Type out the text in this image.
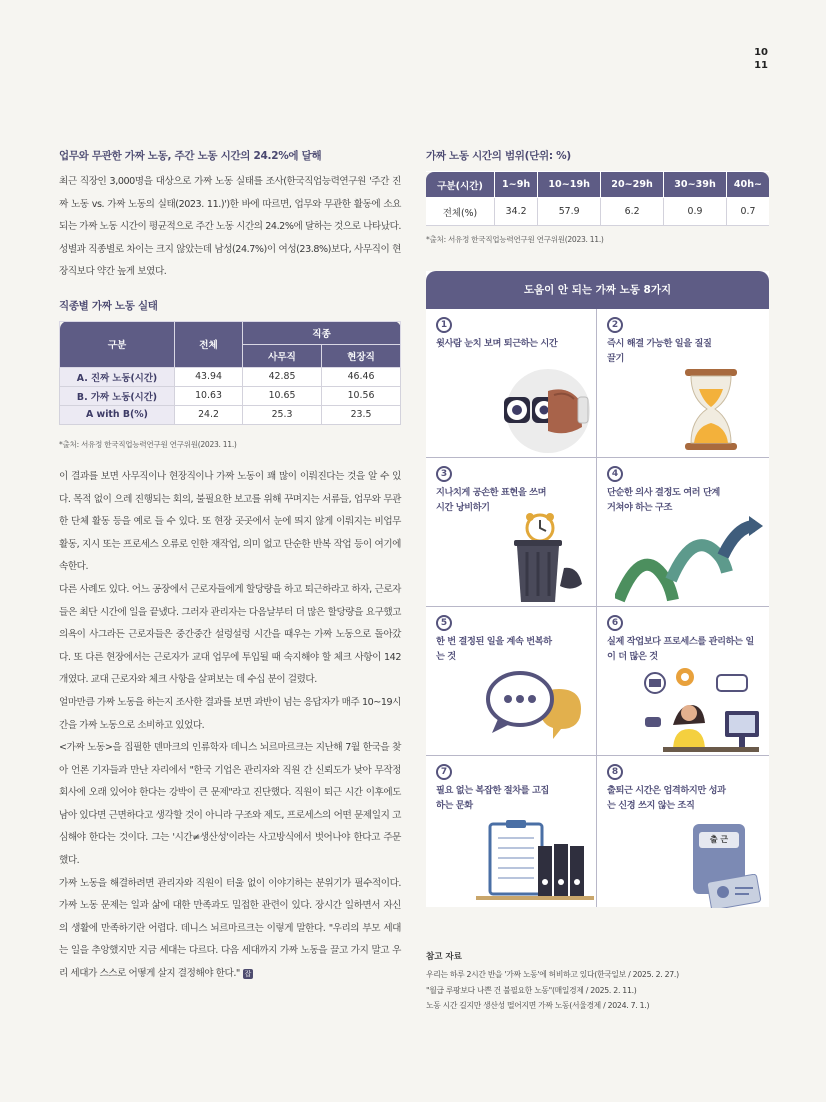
10
11
업무와 무관한 가짜 노동, 주간 노동 시간의 24.2%에 달해

최근 직장인 3,000명을 대상으로 가짜 노동 실태를 조사(한국직업능력연구원 '주간 진짜 노동 vs. 가짜 노동의 실태(2023. 11.)')한 바에 따르면, 업무와 무관한 활동에 소요되는 가짜 노동 시간이 평균적으로 주간 노동 시간의 24.2%에 달하는 것으로 나타났다. 성별과 직종별로 차이는 크지 않았는데 남성(24.7%)이 여성(23.8%)보다, 사무직이 현장직보다 약간 높게 보였다.

직종별 가짜 노동 실태
구분	전체	직종	
		사무직	현장직
A. 진짜 노동(시간)	43.94	42.85	46.46
B. 가짜 노동(시간)	10.63	10.65	10.56
A with B(%)	24.2	25.3	23.5
*출처: 서유정 한국직업능력연구원 연구위원(2023. 11.)

이 결과를 보면 사무직이나 현장직이나 가짜 노동이 꽤 많이 이뤄진다는 것을 알 수 있다. 목적 없이 으레 진행되는 회의, 불필요한 보고를 위해 꾸며지는 서류들, 업무와 무관한 단체 활동 등을 예로 들 수 있다. 또 현장 곳곳에서 눈에 띄지 않게 이뤄지는 비업무 활동, 지시 또는 프로세스 오류로 인한 재작업, 의미 없고 단순한 반복 작업 등이 여기에 속한다.

다른 사례도 있다. 어느 공장에서 근로자들에게 할당량을 하고 퇴근하라고 하자, 근로자들은 최단 시간에 일을 끝냈다. 그러자 관리자는 다음날부터 더 많은 할당량을 요구했고 의욕이 사그라든 근로자들은 중간중간 설렁설렁 시간을 때우는 가짜 노동으로 돌아갔다. 또 다른 현장에서는 근로자가 교대 업무에 투입될 때 숙지해야 할 체크 사항이 142개였다. 교대 근로자와 체크 사항을 살펴보는 데 수십 분이 걸렸다.

얼마만큼 가짜 노동을 하는지 조사한 결과를 보면 과반이 넘는 응답자가 매주 10~19시간을 가짜 노동으로 소비하고 있었다.

<가짜 노동>을 집필한 덴마크의 인류학자 데니스 뇌르마르크는 지난해 7월 한국을 찾아 언론 기자들과 만난 자리에서 "한국 기업은 관리자와 직원 간 신뢰도가 낮아 무작정 회사에 오래 있어야 한다는 강박이 큰 문제"라고 진단했다. 직원이 퇴근 시간 이후에도 남아 있다면 근면하다고 생각할 것이 아니라 구조와 제도, 프로세스의 어떤 문제일지 고심해야 한다는 것이다. 그는 '시간≠생산성'이라는 사고방식에서 벗어나야 한다고 주문했다.

가짜 노동을 해결하려면 관리자와 직원이 터울 없이 이야기하는 분위기가 필수적이다. 가짜 노동 문제는 일과 삶에 대한 만족과도 밀접한 관련이 있다. 장시간 일하면서 자신의 생활에 만족하기란 어렵다. 데니스 뇌르마르크는 이렇게 말한다. "우리의 부모 세대는 일을 추앙했지만 지금 세대는 다르다. 다음 세대까지 가짜 노동을 끌고 가지 말고 우리 세대가 스스로 어떻게 살지 결정해야 한다." 잡

가짜 노동 시간의 범위(단위: %)
구분(시간)	1~9h	10~19h	20~29h	30~39h	40h~
전체(%)	34.2	57.9	6.2	0.9	0.7
*출처: 서유정 한국직업능력연구원 연구위원(2023. 11.)
도움이 안 되는 가짜 노동 8가지
1
윗사람 눈치 보며 퇴근하는 시간
2
즉시 해결 가능한 일을 질질 끌기
3
지나치게 공손한 표현을 쓰며 시간 낭비하기
4
단순한 의사 결정도 여러 단계 거쳐야 하는 구조
5
한 번 결정된 일을 계속 번복하는 것
6
실제 작업보다 프로세스를 관리하는 일이 더 많은 것
7
필요 없는 복잡한 절차를 고집하는 문화
8
출퇴근 시간은 엄격하지만 성과는 신경 쓰지 않는 조직
출 근
참고 자료
우리는 하루 2시간 반을 '가짜 노동'에 허비하고 있다(한국일보 / 2025. 2. 27.)
"월급 루팡보다 나쁜 건 불필요한 노동"(매일경제 / 2025. 2. 11.)
노동 시간 길지만 생산성 떨어지면 가짜 노동(서울경제 / 2024. 7. 1.)
